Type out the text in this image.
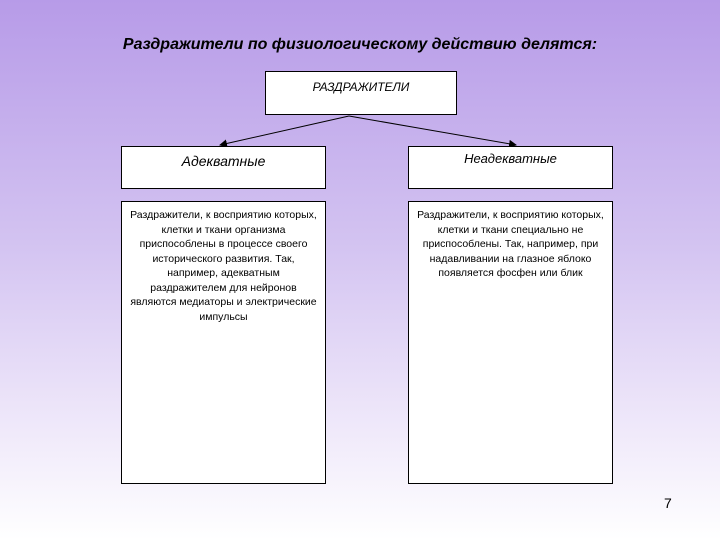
Раздражители по физиологическому действию делятся:
РАЗДРАЖИТЕЛИ
Адекватные	Неадекватные
Раздражители, к восприятию которых, клетки и ткани организма приспособлены в процессе своего исторического развития. Так, например, адекватным раздражителем для нейронов являются медиаторы и электрические импульсы
Раздражители, к восприятию которых, клетки и ткани специально не приспособлены. Так, например, при надавливании на глазное яблоко появляется фосфен или блик
7
